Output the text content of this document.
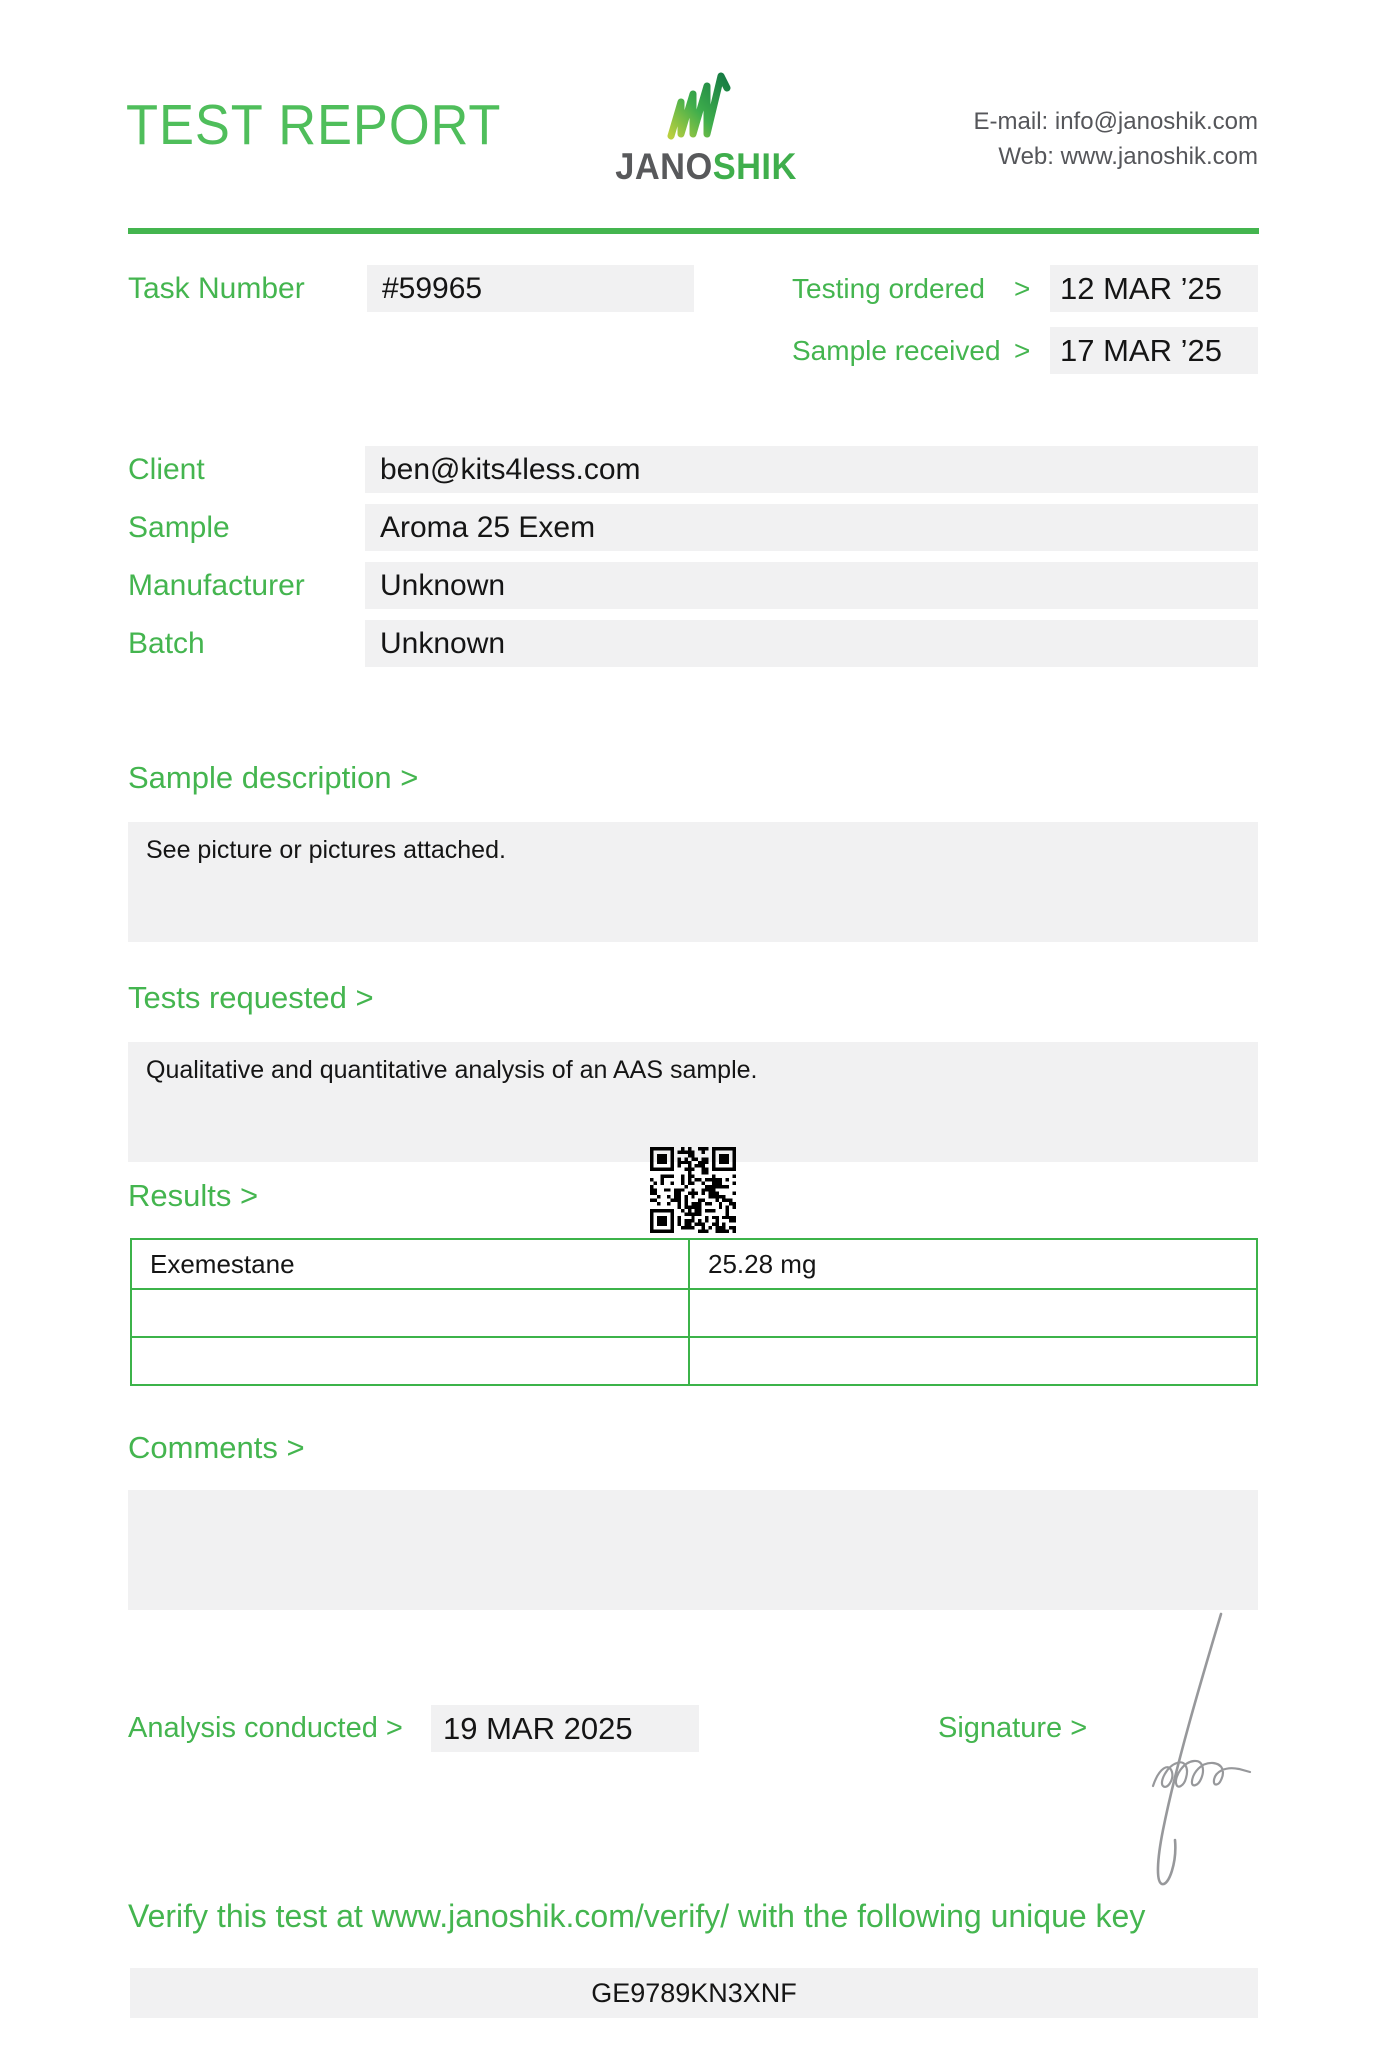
TEST REPORT
JANOSHIK
E-mail: info@janoshik.com
Web: www.janoshik.com
Task Number	#59965	Testing ordered > 12 MAR ’25
Sample received > 17 MAR ’25
Client	ben@kits4less.com
Sample	Aroma 25 Exem
Manufacturer	Unknown
Batch	Unknown
Sample description >
See picture or pictures attached.
Tests requested >
Qualitative and quantitative analysis of an AAS sample.
Results >
Exemestane	25.28 mg
Comments >
Analysis conducted >	19 MAR 2025	Signature >
Verify this test at www.janoshik.com/verify/ with the following unique key
GE9789KN3XNF
